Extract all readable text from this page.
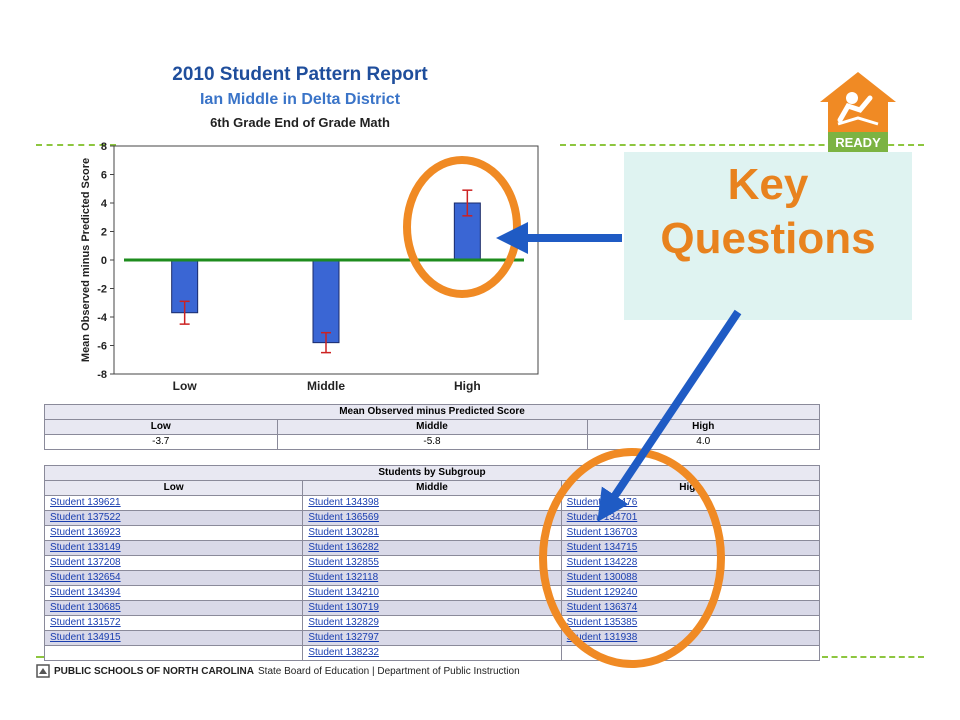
2010 Student Pattern Report
Ian Middle in Delta District
6th Grade End of Grade Math
8
6
4
2
0
-2
-4
-6
-8
Mean Observed minus Predicted Score
Low	Middle	High
Mean Observed minus Predicted Score		
Low	Middle	High
-3.7	-5.8	4.0
Students by Subgroup		
Low	Middle	High
Student 139621	Student 134398	Student 134476
Student 137522	Student 136569	Student 134701
Student 136923	Student 130281	Student 136703
Student 133149	Student 136282	Student 134715
Student 137208	Student 132855	Student 134228
Student 132654	Student 132118	Student 130088
Student 134394	Student 134210	Student 129240
Student 130685	Student 130719	Student 136374
Student 131572	Student 132829	Student 135385
Student 134915	Student 132797	Student 131938
	Student 138232	
Key
Questions
READY
PUBLIC SCHOOLS OF NORTH CAROLINA State Board of Education | Department of Public Instruction
